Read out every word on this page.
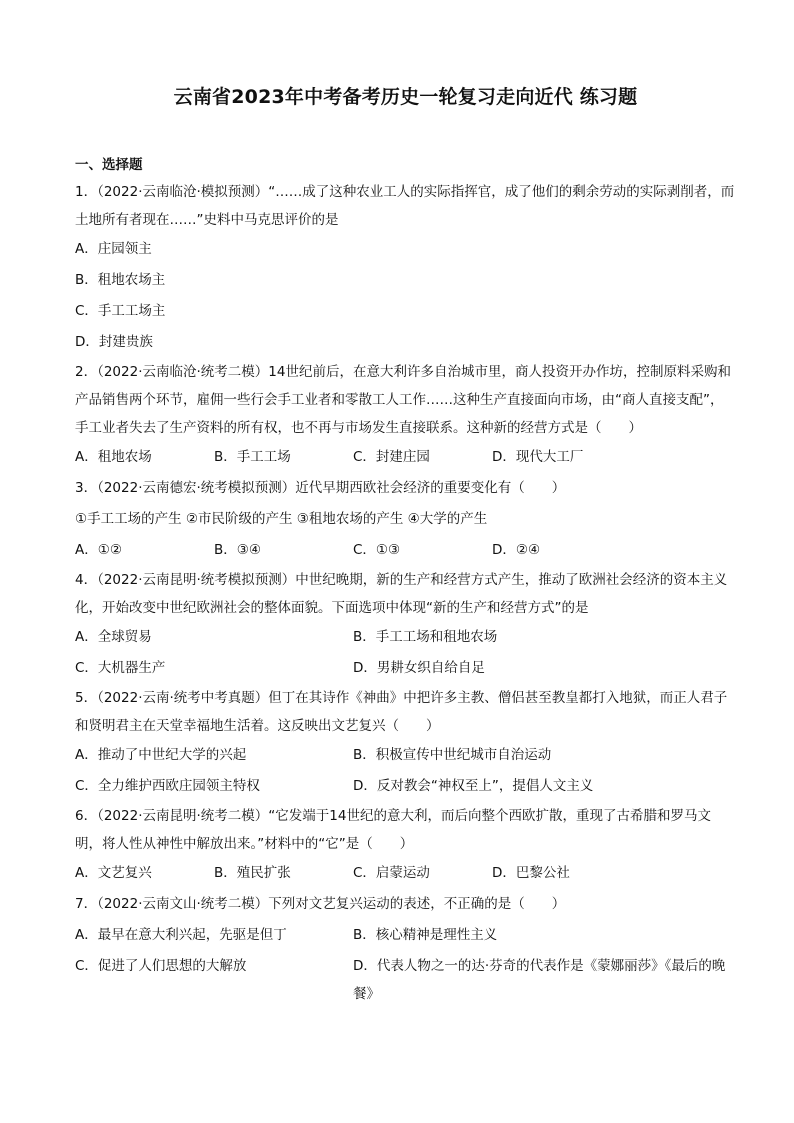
云南省2023年中考备考历史一轮复习走向近代 练习题
一、选择题

1．（2022·云南临沧·模拟预测）“……成了这种农业工人的实际指挥官，成了他们的剩余劳动的实际剥削者，而土地所有者现在……”史料中马克思评价的是

A．庄园领主
B．租地农场主
C．手工工场主
D．封建贵族

2．（2022·云南临沧·统考二模）14世纪前后，在意大利许多自治城市里，商人投资开办作坊，控制原料采购和产品销售两个环节，雇佣一些行会手工业者和零散工人工作……这种生产直接面向市场，由“商人直接支配”，手工业者失去了生产资料的所有权，也不再与市场发生直接联系。这种新的经营方式是（　　）

A．租地农场	B．手工工场	C．封建庄园	D．现代大工厂
3．（2022·云南德宏·统考模拟预测）近代早期西欧社会经济的重要变化有（　　）
①手工工场的产生 ②市民阶级的产生 ③租地农场的产生 ④大学的产生
A．①②	B．③④	C．①③	D．②④

4．（2022·云南昆明·统考模拟预测）中世纪晚期，新的生产和经营方式产生，推动了欧洲社会经济的资本主义化，开始改变中世纪欧洲社会的整体面貌。下面选项中体现“新的生产和经营方式”的是

A．全球贸易	B．手工工场和租地农场
C．大机器生产	D．男耕女织自给自足

5．（2022·云南·统考中考真题）但丁在其诗作《神曲》中把许多主教、僧侣甚至教皇都打入地狱，而正人君子和贤明君主在天堂幸福地生活着。这反映出文艺复兴（　　）

A．推动了中世纪大学的兴起	B．积极宣传中世纪城市自治运动
C．全力维护西欧庄园领主特权	D．反对教会“神权至上”，提倡人文主义

6．（2022·云南昆明·统考二模）“它发端于14世纪的意大利，而后向整个西欧扩散，重现了古希腊和罗马文明，将人性从神性中解放出来。”材料中的“它”是（　　）

A．文艺复兴	B．殖民扩张	C．启蒙运动	D．巴黎公社
7．（2022·云南文山·统考二模）下列对文艺复兴运动的表述，不正确的是（　　）
A．最早在意大利兴起，先驱是但丁	B．核心精神是理性主义
C．促进了人们思想的大解放	D．代表人物之一的达·芬奇的代表作是《蒙娜丽莎》《最后的晚餐》
